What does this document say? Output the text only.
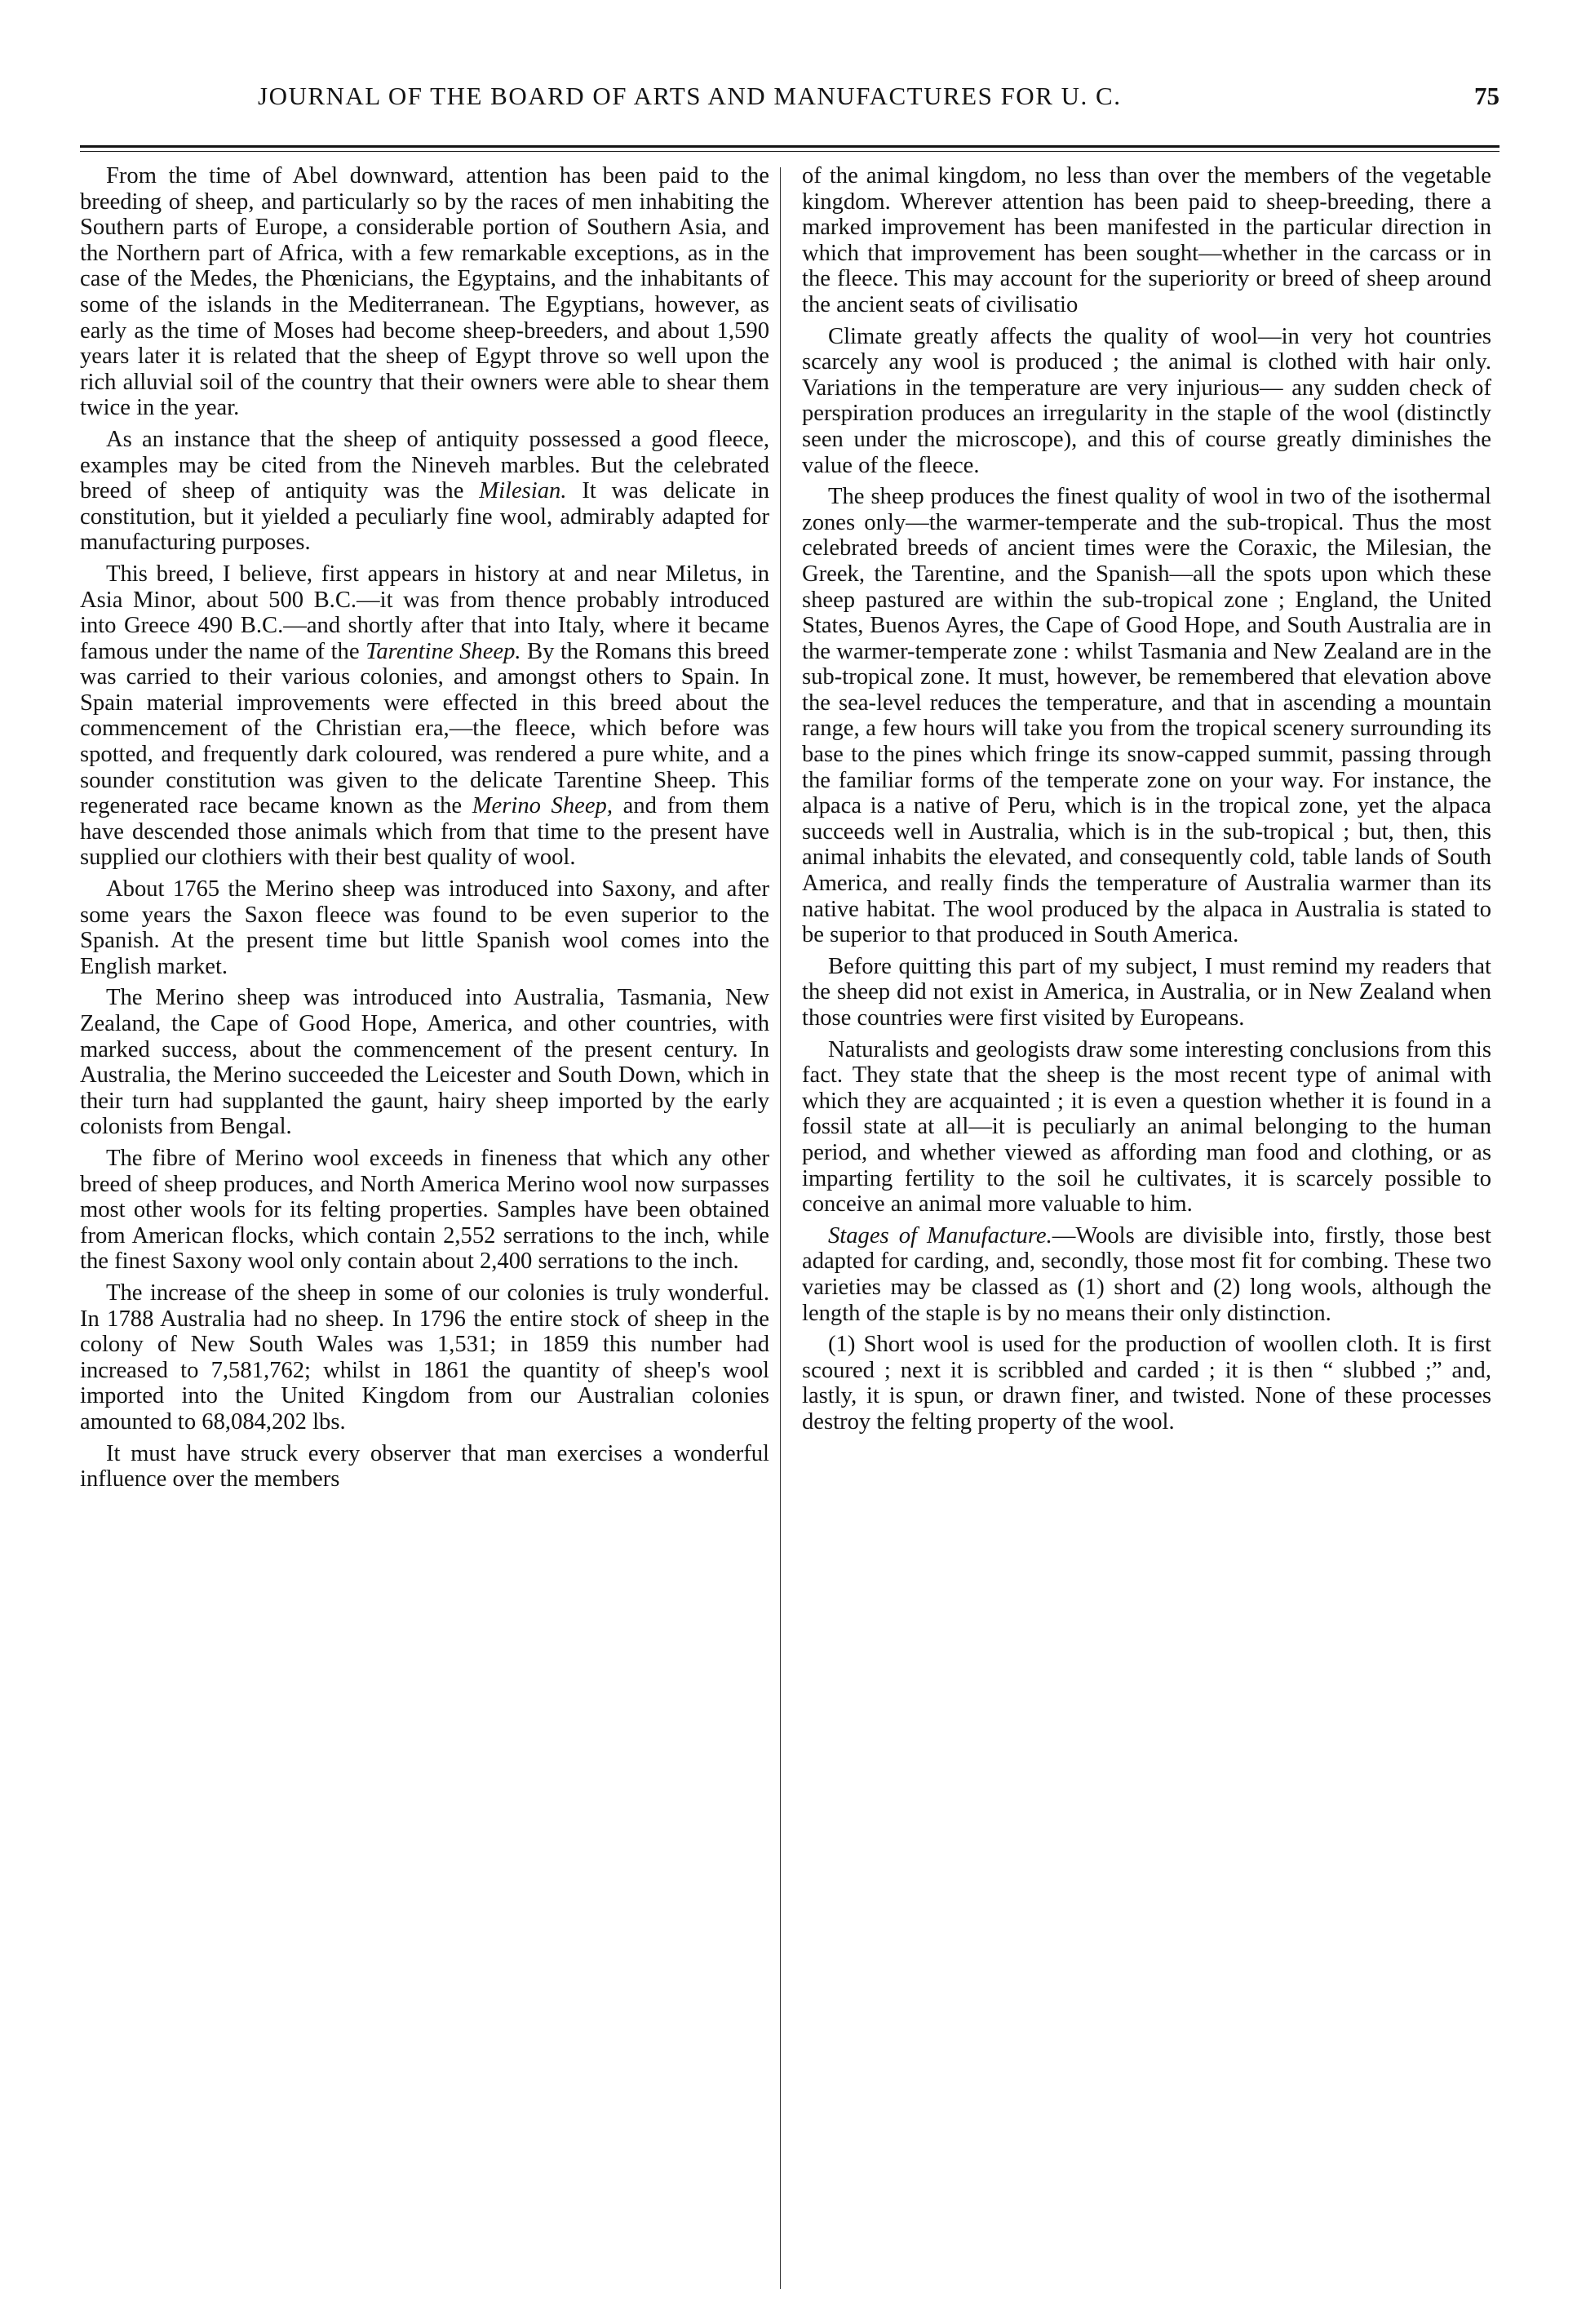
JOURNAL OF THE BOARD OF ARTS AND MANUFACTURES FOR U. C.	75

From the time of Abel downward, attention has been paid to the breeding of sheep, and particularly so by the races of men inhabiting the Southern parts of Europe, a considerable portion of Southern Asia, and the Northern part of Africa, with a few remarkable exceptions, as in the case of the Medes, the Phœnicians, the Egyptains, and the inhabitants of some of the islands in the Mediterranean. The Egyptians, however, as early as the time of Moses had become sheep-breeders, and about 1,590 years later it is related that the sheep of Egypt throve so well upon the rich alluvial soil of the country that their owners were able to shear them twice in the year.

As an instance that the sheep of antiquity possessed a good fleece, examples may be cited from the Nineveh marbles. But the celebrated breed of sheep of antiquity was the Milesian. It was delicate in constitution, but it yielded a peculiarly fine wool, admirably adapted for manufacturing purposes.

This breed, I believe, first appears in history at and near Miletus, in Asia Minor, about 500 B.C.—it was from thence probably introduced into Greece 490 B.C.—and shortly after that into Italy, where it became famous under the name of the Tarentine Sheep. By the Romans this breed was carried to their various colonies, and amongst others to Spain. In Spain material improvements were effected in this breed about the commencement of the Christian era,—the fleece, which before was spotted, and frequently dark coloured, was rendered a pure white, and a sounder constitution was given to the delicate Tarentine Sheep. This regenerated race became known as the Merino Sheep, and from them have descended those animals which from that time to the present have supplied our clothiers with their best quality of wool.

About 1765 the Merino sheep was introduced into Saxony, and after some years the Saxon fleece was found to be even superior to the Spanish. At the present time but little Spanish wool comes into the English market.

The Merino sheep was introduced into Australia, Tasmania, New Zealand, the Cape of Good Hope, America, and other countries, with marked success, about the commencement of the present century. In Australia, the Merino succeeded the Leicester and South Down, which in their turn had supplanted the gaunt, hairy sheep imported by the early colonists from Bengal.

The fibre of Merino wool exceeds in fineness that which any other breed of sheep produces, and North America Merino wool now surpasses most other wools for its felting properties. Samples have been obtained from American flocks, which contain 2,552 serrations to the inch, while the finest Saxony wool only contain about 2,400 serrations to the inch.

The increase of the sheep in some of our colonies is truly wonderful. In 1788 Australia had no sheep. In 1796 the entire stock of sheep in the colony of New South Wales was 1,531; in 1859 this number had increased to 7,581,762; whilst in 1861 the quantity of sheep's wool imported into the United Kingdom from our Australian colonies amounted to 68,084,202 lbs.

It must have struck every observer that man exercises a wonderful influence over the members

of the animal kingdom, no less than over the members of the vegetable kingdom. Wherever attention has been paid to sheep-breeding, there a marked improvement has been manifested in the particular direction in which that improvement has been sought—whether in the carcass or in the fleece. This may account for the superiority or breed of sheep around the ancient seats of civilisatio

Climate greatly affects the quality of wool—in very hot countries scarcely any wool is produced ; the animal is clothed with hair only. Variations in the temperature are very injurious— any sudden check of perspiration produces an irregularity in the staple of the wool (distinctly seen under the microscope), and this of course greatly diminishes the value of the fleece.

The sheep produces the finest quality of wool in two of the isothermal zones only—the warmer-temperate and the sub-tropical. Thus the most celebrated breeds of ancient times were the Coraxic, the Milesian, the Greek, the Tarentine, and the Spanish—all the spots upon which these sheep pastured are within the sub-tropical zone ; England, the United States, Buenos Ayres, the Cape of Good Hope, and South Australia are in the warmer-temperate zone : whilst Tasmania and New Zealand are in the sub-tropical zone. It must, however, be remembered that elevation above the sea-level reduces the temperature, and that in ascending a mountain range, a few hours will take you from the tropical scenery surrounding its base to the pines which fringe its snow-capped summit, passing through the familiar forms of the temperate zone on your way. For instance, the alpaca is a native of Peru, which is in the tropical zone, yet the alpaca succeeds well in Australia, which is in the sub-tropical ; but, then, this animal inhabits the elevated, and consequently cold, table lands of South America, and really finds the temperature of Australia warmer than its native habitat. The wool produced by the alpaca in Australia is stated to be superior to that produced in South America.

Before quitting this part of my subject, I must remind my readers that the sheep did not exist in America, in Australia, or in New Zealand when those countries were first visited by Europeans.

Naturalists and geologists draw some interesting conclusions from this fact. They state that the sheep is the most recent type of animal with which they are acquainted ; it is even a question whether it is found in a fossil state at all—it is peculiarly an animal belonging to the human period, and whether viewed as affording man food and clothing, or as imparting fertility to the soil he cultivates, it is scarcely possible to conceive an animal more valuable to him.

Stages of Manufacture.—Wools are divisible into, firstly, those best adapted for carding, and, secondly, those most fit for combing. These two varieties may be classed as (1) short and (2) long wools, although the length of the staple is by no means their only distinction.

(1) Short wool is used for the production of woollen cloth. It is first scoured ; next it is scribbled and carded ; it is then “ slubbed ;” and, lastly, it is spun, or drawn finer, and twisted. None of these processes destroy the felting property of the wool.
